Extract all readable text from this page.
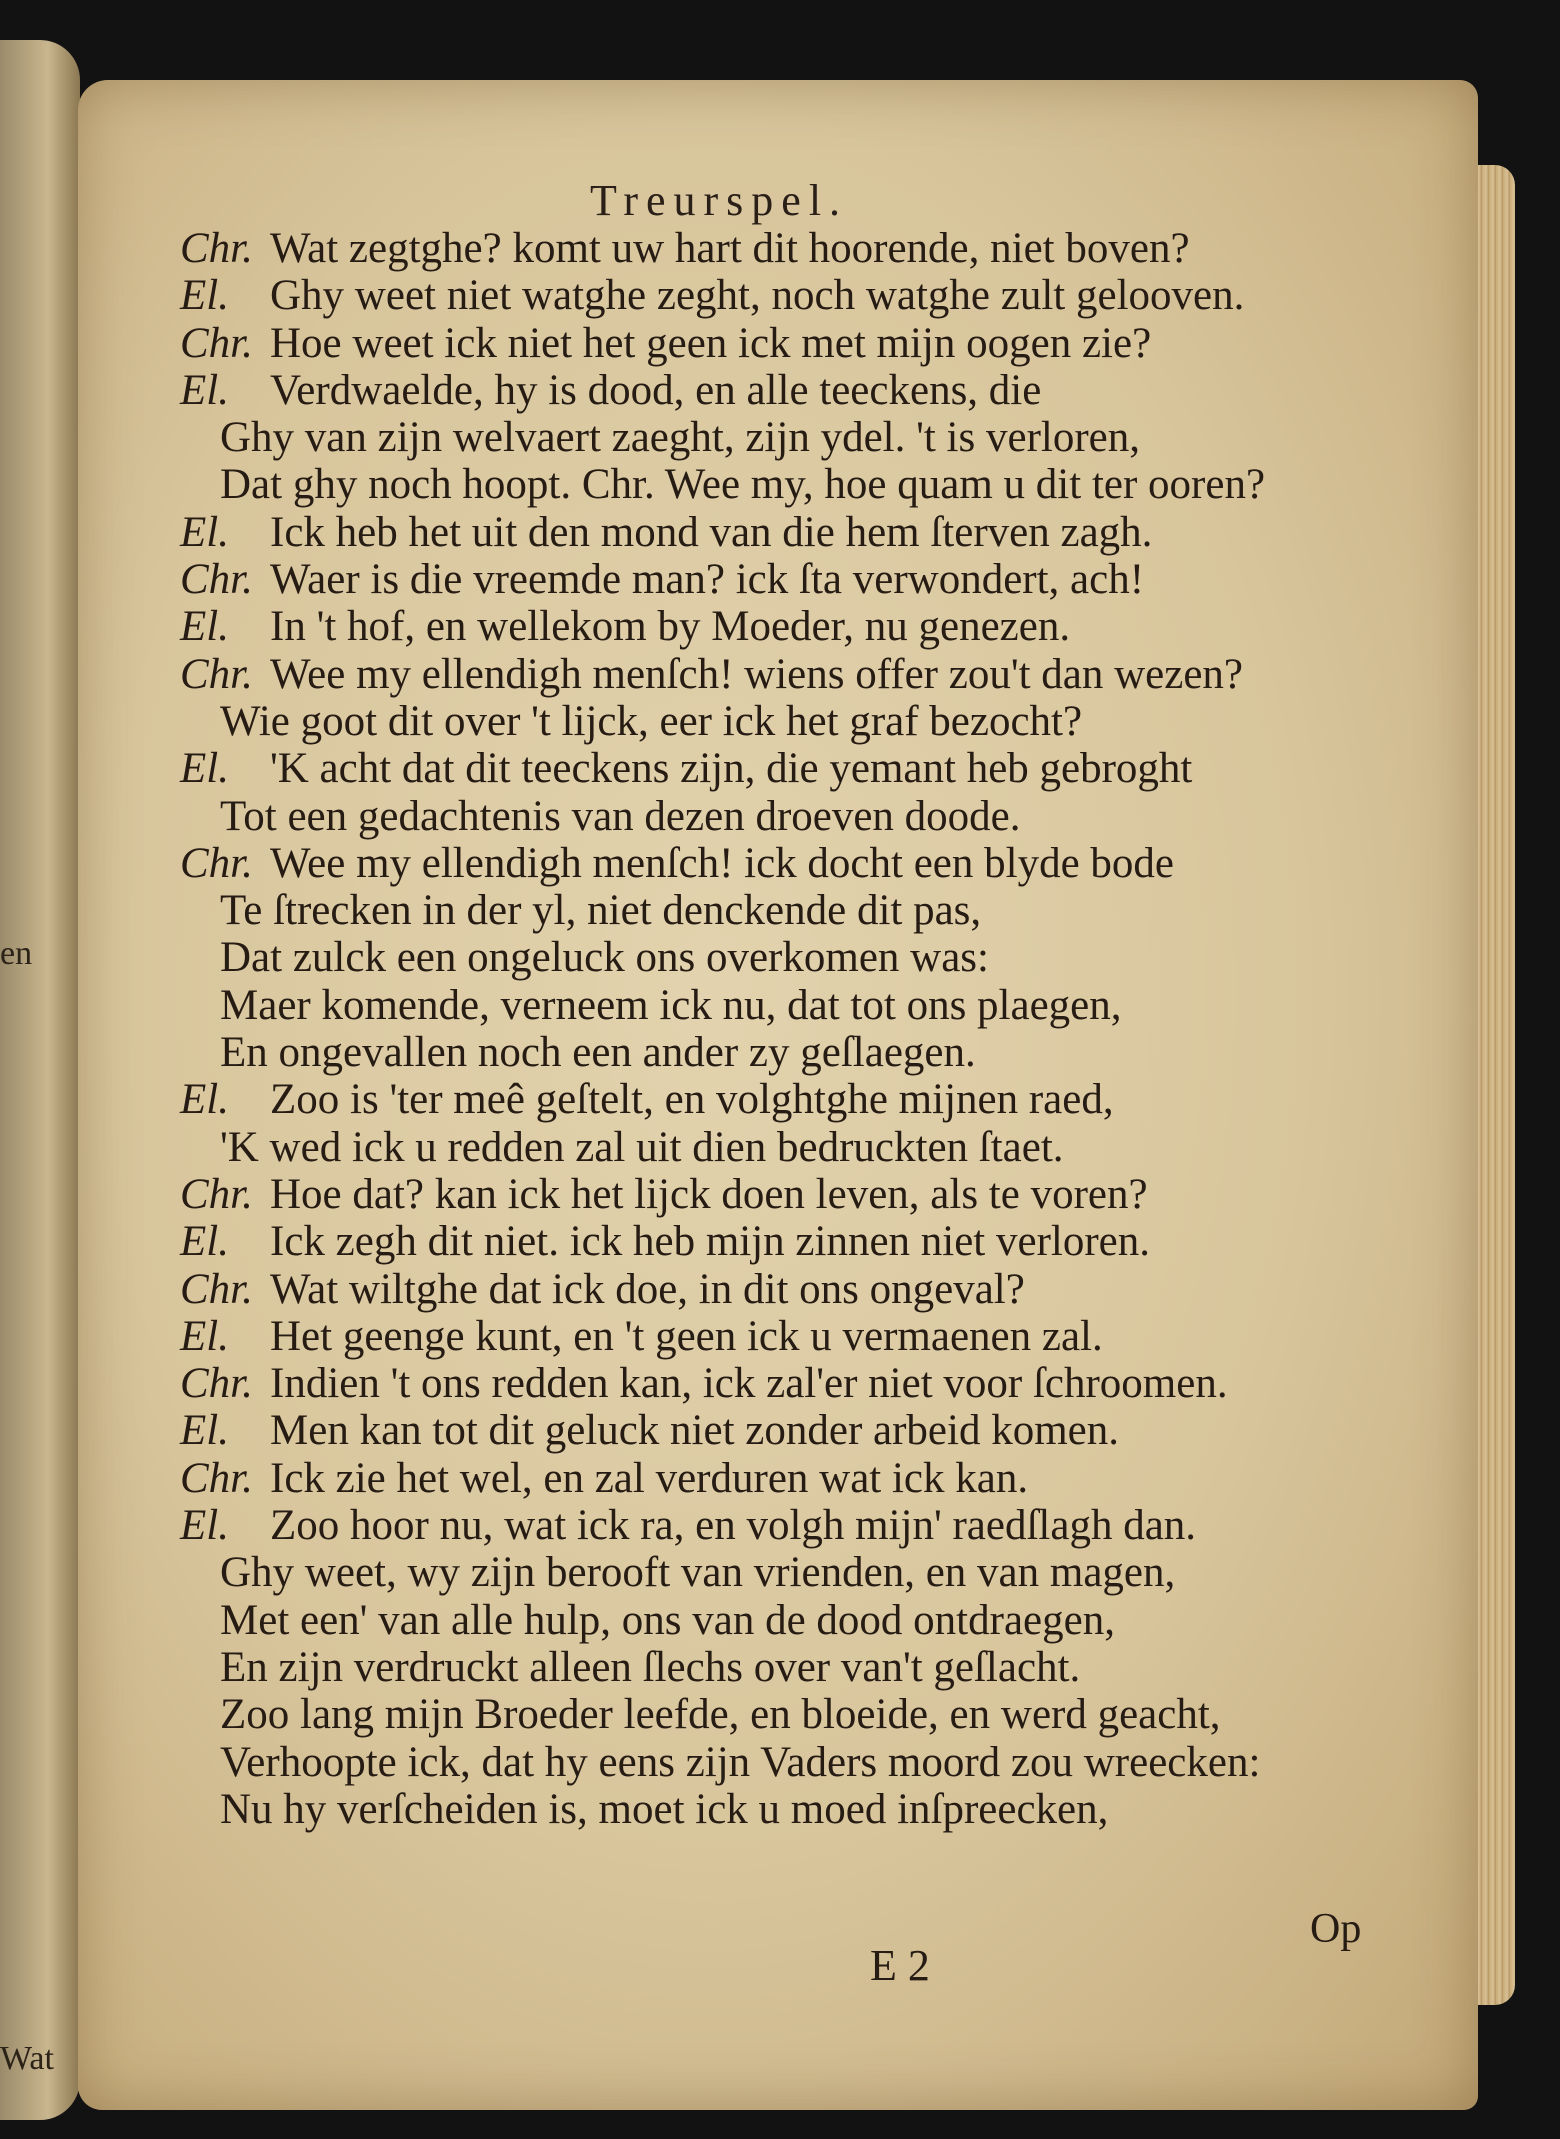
en
Wat
Treurspel.
Chr. Wat zegtghe? komt uw hart dit hoorende, niet boven?
El. Ghy weet niet watghe zeght, noch watghe zult gelooven.
Chr. Hoe weet ick niet het geen ick met mijn oogen zie?
El. Verdwaelde, hy is dood, en alle teeckens, die
Ghy van zijn welvaert zaeght, zijn ydel. 't is verloren,
Dat ghy noch hoopt. Chr. Wee my, hoe quam u dit ter ooren?
El. Ick heb het uit den mond van die hem ſterven zagh.
Chr. Waer is die vreemde man? ick ſta verwondert, ach!
El. In 't hof, en wellekom by Moeder, nu genezen.
Chr. Wee my ellendigh menſch! wiens offer zou't dan wezen?
Wie goot dit over 't lijck, eer ick het graf bezocht?
El. 'K acht dat dit teeckens zijn, die yemant heb gebroght
Tot een gedachtenis van dezen droeven doode.
Chr. Wee my ellendigh menſch! ick docht een blyde bode
Te ſtrecken in der yl, niet denckende dit pas,
Dat zulck een ongeluck ons overkomen was:
Maer komende, verneem ick nu, dat tot ons plaegen,
En ongevallen noch een ander zy geſlaegen.
El. Zoo is 'ter meê geſtelt, en volghtghe mijnen raed,
'K wed ick u redden zal uit dien bedruckten ſtaet.
Chr. Hoe dat? kan ick het lijck doen leven, als te voren?
El. Ick zegh dit niet. ick heb mijn zinnen niet verloren.
Chr. Wat wiltghe dat ick doe, in dit ons ongeval?
El. Het geenge kunt, en 't geen ick u vermaenen zal.
Chr. Indien 't ons redden kan, ick zal'er niet voor ſchroomen.
El. Men kan tot dit geluck niet zonder arbeid komen.
Chr. Ick zie het wel, en zal verduren wat ick kan.
El. Zoo hoor nu, wat ick ra, en volgh mijn' raedſlagh dan.
Ghy weet, wy zijn berooft van vrienden, en van magen,
Met een' van alle hulp, ons van de dood ontdraegen,
En zijn verdruckt alleen ſlechs over van't geſlacht.
Zoo lang mijn Broeder leefde, en bloeide, en werd geacht,
Verhoopte ick, dat hy eens zijn Vaders moord zou wreecken:
Nu hy verſcheiden is, moet ick u moed inſpreecken,
Op
E 2
